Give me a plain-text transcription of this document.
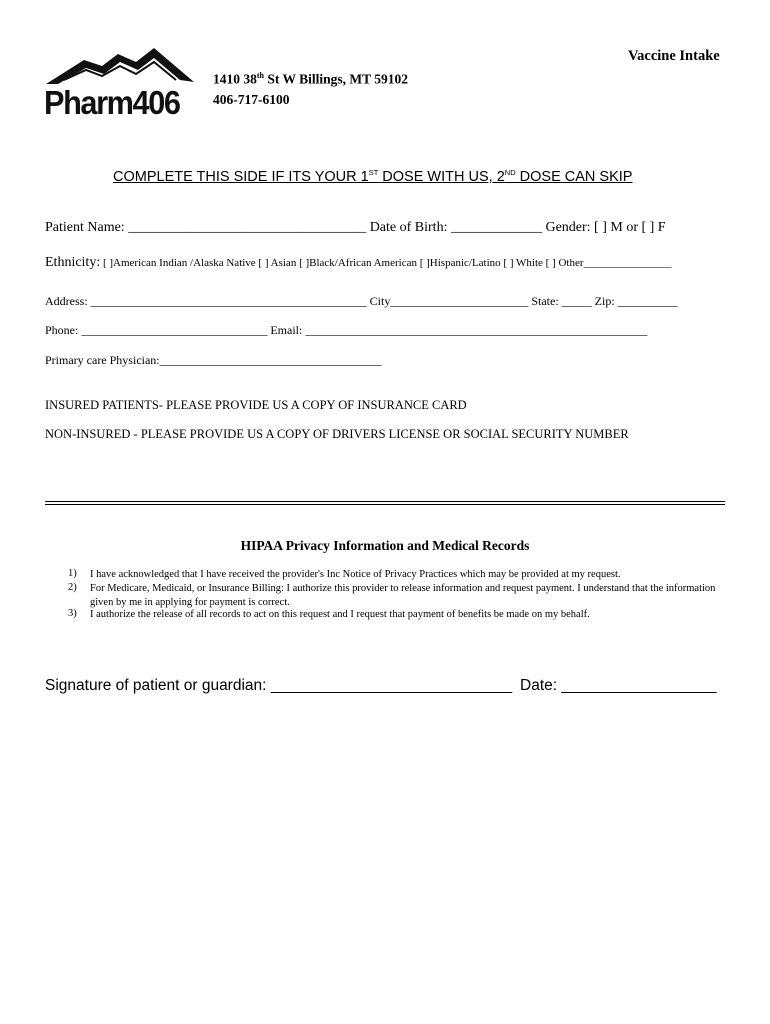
Pharm406
1410 38th St W Billings, MT 59102
406-717-6100
Vaccine Intake
COMPLETE THIS SIDE IF ITS YOUR 1ST DOSE WITH US, 2ND DOSE CAN SKIP
Patient Name: __________________________________ Date of Birth: _____________ Gender: [ ] M or [ ] F
Ethnicity: [ ]American Indian /Alaska Native [ ] Asian [ ]Black/African American [ ]Hispanic/Latino [ ] White [ ] Other________________
Address: ______________________________________________ City_______________________ State: _____ Zip: __________
Phone: _______________________________ Email: _________________________________________________________
Primary care Physician:_____________________________________
INSURED PATIENTS- PLEASE PROVIDE US A COPY OF INSURANCE CARD
NON-INSURED - PLEASE PROVIDE US A COPY OF DRIVERS LICENSE OR SOCIAL SECURITY NUMBER
HIPAA Privacy Information and Medical Records
1) I have acknowledged that I have received the provider's Inc Notice of Privacy Practices which may be provided at my request.
2) For Medicare, Medicaid, or Insurance Billing: I authorize this provider to release information and request payment. I understand that the information given by me in applying for payment is correct.
3) I authorize the release of all records to act on this request and I request that payment of benefits be made on my behalf.
Signature of patient or guardian: ____________________________ Date: __________________
